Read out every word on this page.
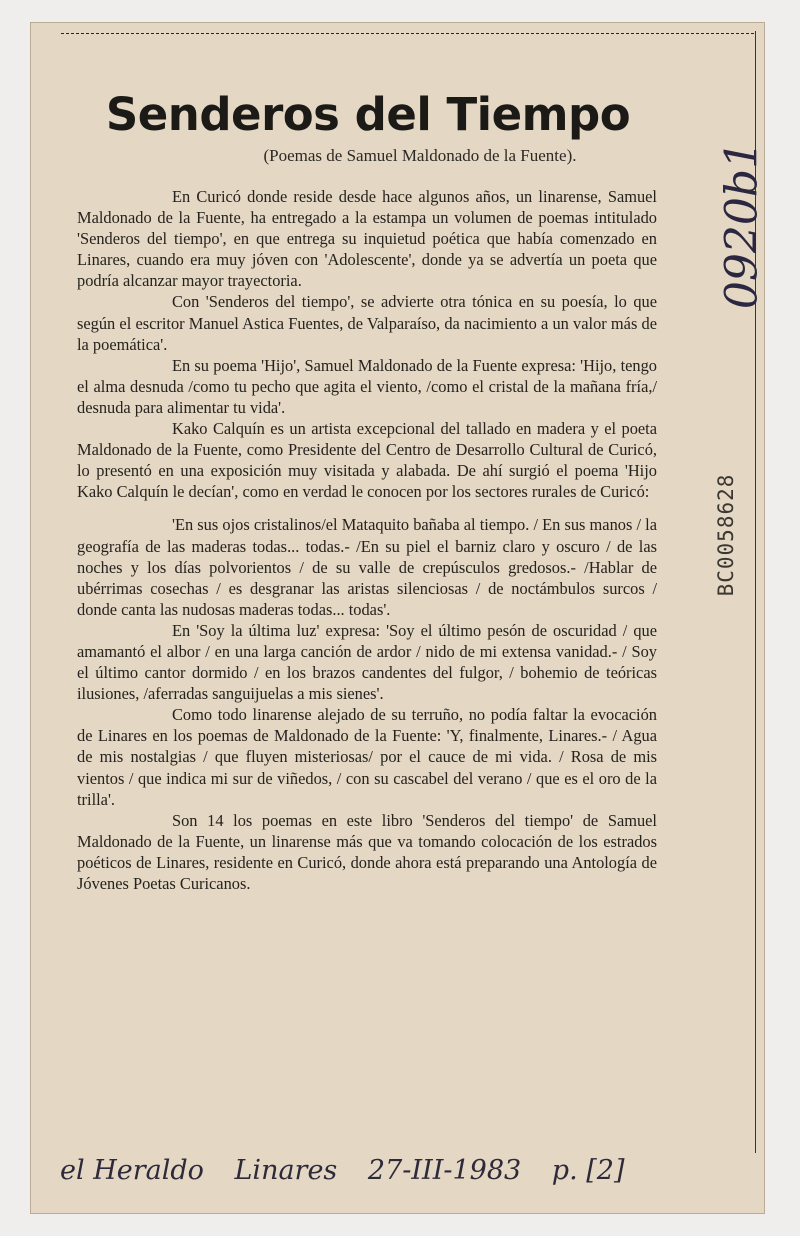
Senderos del Tiempo
(Poemas de Samuel Maldonado de la Fuente).

En Curicó donde reside desde hace algunos años, un linarense, Samuel Maldonado de la Fuente, ha entregado a la estampa un volumen de poemas intitulado 'Senderos del tiempo', en que entrega su inquietud poética que había comenzado en Linares, cuando era muy jóven con 'Adolescente', donde ya se advertía un poeta que podría alcanzar mayor trayectoria.

Con 'Senderos del tiempo', se advierte otra tónica en su poesía, lo que según el escritor Manuel Astica Fuentes, de Valparaíso, da nacimiento a un valor más de la poemática'.

En su poema 'Hijo', Samuel Maldonado de la Fuente expresa: 'Hijo, tengo el alma desnuda /como tu pecho que agita el viento, /como el cristal de la mañana fría,/ desnuda para alimentar tu vida'.

Kako Calquín es un artista excepcional del tallado en madera y el poeta Maldonado de la Fuente, como Presidente del Centro de Desarrollo Cultural de Curicó, lo presentó en una exposición muy visitada y alabada. De ahí surgió el poema 'Hijo Kako Calquín le decían', como en verdad le conocen por los sectores rurales de Curicó:

'En sus ojos cristalinos/el Mataquito bañaba al tiempo. / En sus manos / la geografía de las maderas todas... todas.- /En su piel el barniz claro y oscuro / de las noches y los días polvorientos / de su valle de crepúsculos gredosos.- /Hablar de ubérrimas cosechas / es desgranar las aristas silenciosas / de noctámbulos surcos / donde canta las nudosas maderas todas... todas'.

En 'Soy la última luz' expresa: 'Soy el último pesón de oscuridad / que amamantó el albor / en una larga canción de ardor / nido de mi extensa vanidad.- / Soy el último cantor dormido / en los brazos candentes del fulgor, / bohemio de teóricas ilusiones, /aferradas sanguijuelas a mis sienes'.

Como todo linarense alejado de su terruño, no podía faltar la evocación de Linares en los poemas de Maldonado de la Fuente: 'Y, finalmente, Linares.- / Agua de mis nostalgias / que fluyen misteriosas/ por el cauce de mi vida. / Rosa de mis vientos / que indica mi sur de viñedos, / con su cascabel del verano / que es el oro de la trilla'.

Son 14 los poemas en este libro 'Senderos del tiempo' de Samuel Maldonado de la Fuente, un linarense más que va tomando colocación de los estrados poéticos de Linares, residente en Curicó, donde ahora está preparando una Antología de Jóvenes Poetas Curicanos.

el Heraldo Linares 27-III-1983 p. [2]
0920b1
BC0058628
